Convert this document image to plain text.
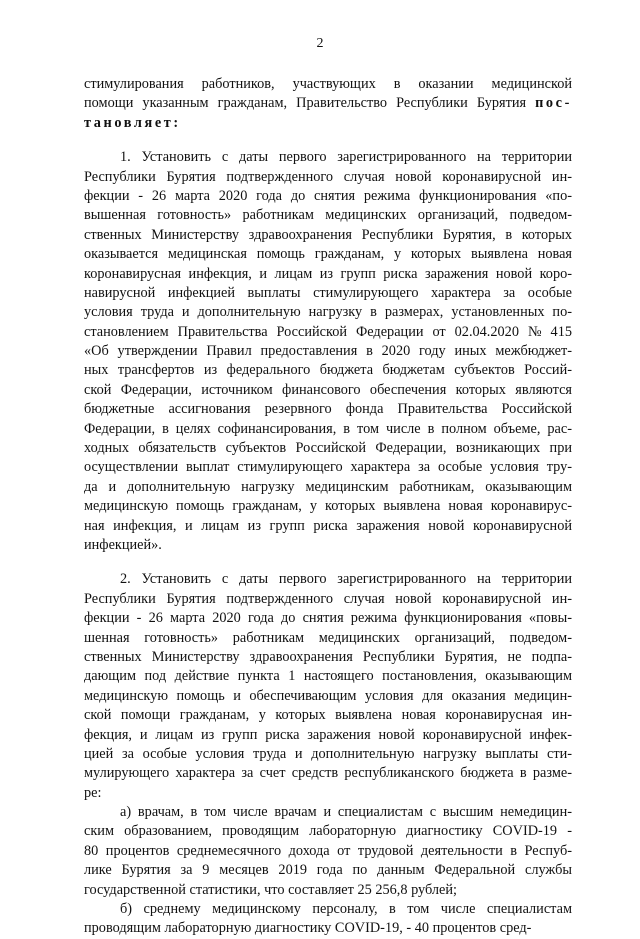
2
стимулирования работников, участвующих в оказании медицинской
помощи указанным гражданам, Правительство Республики Бурятия пос-
тановляет:
1. Установить с даты первого зарегистрированного на территории
Республики Бурятия подтвержденного случая новой коронавирусной ин-
фекции - 26 марта 2020 года до снятия режима функционирования «по-
вышенная готовность» работникам медицинских организаций, подведом-
ственных Министерству здравоохранения Республики Бурятия, в которых
оказывается медицинская помощь гражданам, у которых выявлена новая
коронавирусная инфекция, и лицам из групп риска заражения новой коро-
навирусной инфекцией выплаты стимулирующего характера за особые
условия труда и дополнительную нагрузку в размерах, установленных по-
становлением Правительства Российской Федерации от 02.04.2020 № 415
«Об утверждении Правил предоставления в 2020 году иных межбюджет-
ных трансфертов из федерального бюджета бюджетам субъектов Россий-
ской Федерации, источником финансового обеспечения которых являются
бюджетные ассигнования резервного фонда Правительства Российской
Федерации, в целях софинансирования, в том числе в полном объеме, рас-
ходных обязательств субъектов Российской Федерации, возникающих при
осуществлении выплат стимулирующего характера за особые условия тру-
да и дополнительную нагрузку медицинским работникам, оказывающим
медицинскую помощь гражданам, у которых выявлена новая коронавирус-
ная инфекция, и лицам из групп риска заражения новой коронавирусной
инфекцией».
2. Установить с даты первого зарегистрированного на территории
Республики Бурятия подтвержденного случая новой коронавирусной ин-
фекции - 26 марта 2020 года до снятия режима функционирования «повы-
шенная готовность» работникам медицинских организаций, подведом-
ственных Министерству здравоохранения Республики Бурятия, не подпа-
дающим под действие пункта 1 настоящего постановления, оказывающим
медицинскую помощь и обеспечивающим условия для оказания медицин-
ской помощи гражданам, у которых выявлена новая коронавирусная ин-
фекция, и лицам из групп риска заражения новой коронавирусной инфек-
цией за особые условия труда и дополнительную нагрузку выплаты сти-
мулирующего характера за счет средств республиканского бюджета в разме-
ре:
а) врачам, в том числе врачам и специалистам с высшим немедицин-
ским образованием, проводящим лабораторную диагностику COVID-19 -
80 процентов среднемесячного дохода от трудовой деятельности в Респуб-
лике Бурятия за 9 месяцев 2019 года по данным Федеральной службы
государственной статистики, что составляет 25 256,8 рублей;
б) среднему медицинскому персоналу, в том числе специалистам
проводящим лабораторную диагностику COVID-19, - 40 процентов сред-
